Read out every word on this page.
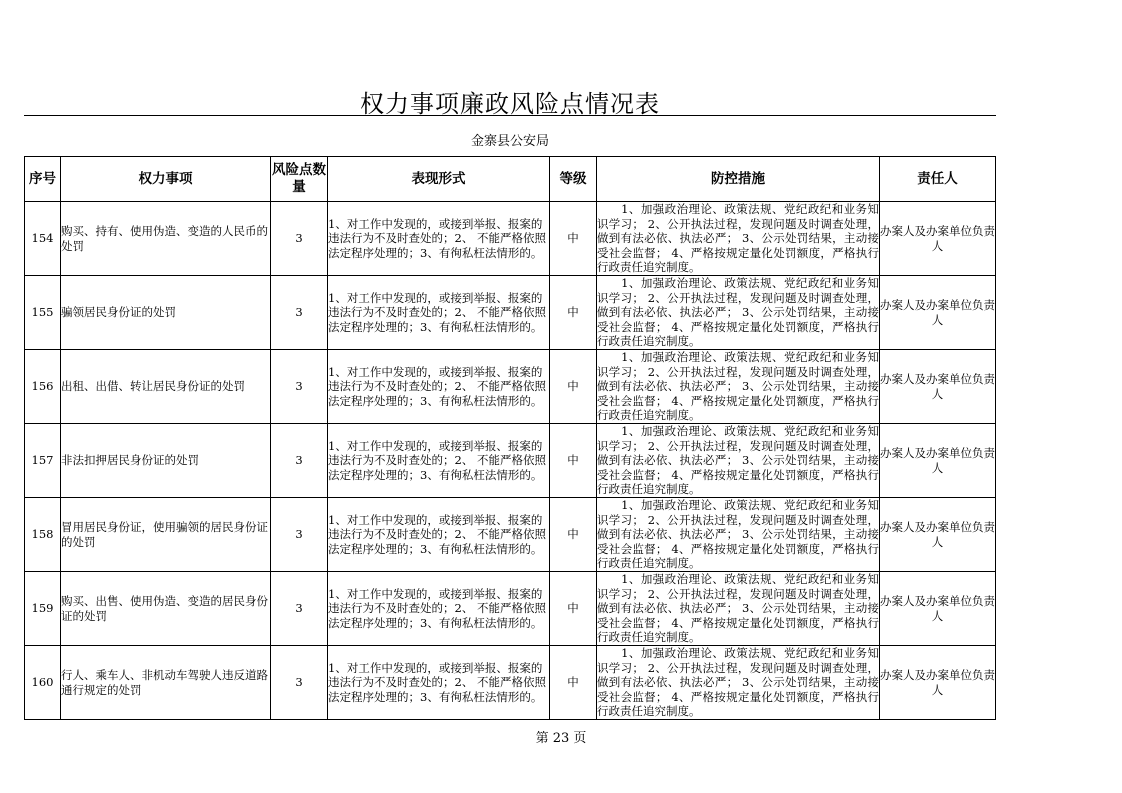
权力事项廉政风险点情况表
金寨县公安局
序号	权力事项	风险点数量	表现形式	等级	防控措施	责任人
154	购买、持有、使用伪造、变造的人民币的处罚	3	1、对工作中发现的，或接到举报、报案的违法行为不及时查处的；2、 不能严格依照法定程序处理的；3、有徇私枉法情形的。	中	1、加强政治理论、政策法规、党纪政纪和业务知识学习； 2、公开执法过程，发现问题及时调查处理，做到有法必依、执法必严； 3、公示处罚结果，主动接受社会监督； 4、严格按规定量化处罚额度，严格执行行政责任追究制度。	办案人及办案单位负责人
155	骗领居民身份证的处罚	3	1、对工作中发现的，或接到举报、报案的违法行为不及时查处的；2、 不能严格依照法定程序处理的；3、有徇私枉法情形的。	中	1、加强政治理论、政策法规、党纪政纪和业务知识学习； 2、公开执法过程，发现问题及时调查处理，做到有法必依、执法必严； 3、公示处罚结果，主动接受社会监督； 4、严格按规定量化处罚额度，严格执行行政责任追究制度。	办案人及办案单位负责人
156	出租、出借、转让居民身份证的处罚	3	1、对工作中发现的，或接到举报、报案的违法行为不及时查处的；2、 不能严格依照法定程序处理的；3、有徇私枉法情形的。	中	1、加强政治理论、政策法规、党纪政纪和业务知识学习； 2、公开执法过程，发现问题及时调查处理，做到有法必依、执法必严； 3、公示处罚结果，主动接受社会监督； 4、严格按规定量化处罚额度，严格执行行政责任追究制度。	办案人及办案单位负责人
157	非法扣押居民身份证的处罚	3	1、对工作中发现的，或接到举报、报案的违法行为不及时查处的；2、 不能严格依照法定程序处理的；3、有徇私枉法情形的。	中	1、加强政治理论、政策法规、党纪政纪和业务知识学习； 2、公开执法过程，发现问题及时调查处理，做到有法必依、执法必严； 3、公示处罚结果，主动接受社会监督； 4、严格按规定量化处罚额度，严格执行行政责任追究制度。	办案人及办案单位负责人
158	冒用居民身份证，使用骗领的居民身份证的处罚	3	1、对工作中发现的，或接到举报、报案的违法行为不及时查处的；2、 不能严格依照法定程序处理的；3、有徇私枉法情形的。	中	1、加强政治理论、政策法规、党纪政纪和业务知识学习； 2、公开执法过程，发现问题及时调查处理，做到有法必依、执法必严； 3、公示处罚结果，主动接受社会监督； 4、严格按规定量化处罚额度，严格执行行政责任追究制度。	办案人及办案单位负责人
159	购买、出售、使用伪造、变造的居民身份证的处罚	3	1、对工作中发现的，或接到举报、报案的违法行为不及时查处的；2、 不能严格依照法定程序处理的；3、有徇私枉法情形的。	中	1、加强政治理论、政策法规、党纪政纪和业务知识学习； 2、公开执法过程，发现问题及时调查处理，做到有法必依、执法必严； 3、公示处罚结果，主动接受社会监督； 4、严格按规定量化处罚额度，严格执行行政责任追究制度。	办案人及办案单位负责人
160	行人、乘车人、非机动车驾驶人违反道路通行规定的处罚	3	1、对工作中发现的，或接到举报、报案的违法行为不及时查处的；2、 不能严格依照法定程序处理的；3、有徇私枉法情形的。	中	1、加强政治理论、政策法规、党纪政纪和业务知识学习； 2、公开执法过程，发现问题及时调查处理，做到有法必依、执法必严； 3、公示处罚结果，主动接受社会监督； 4、严格按规定量化处罚额度，严格执行行政责任追究制度。	办案人及办案单位负责人
第 23 页
